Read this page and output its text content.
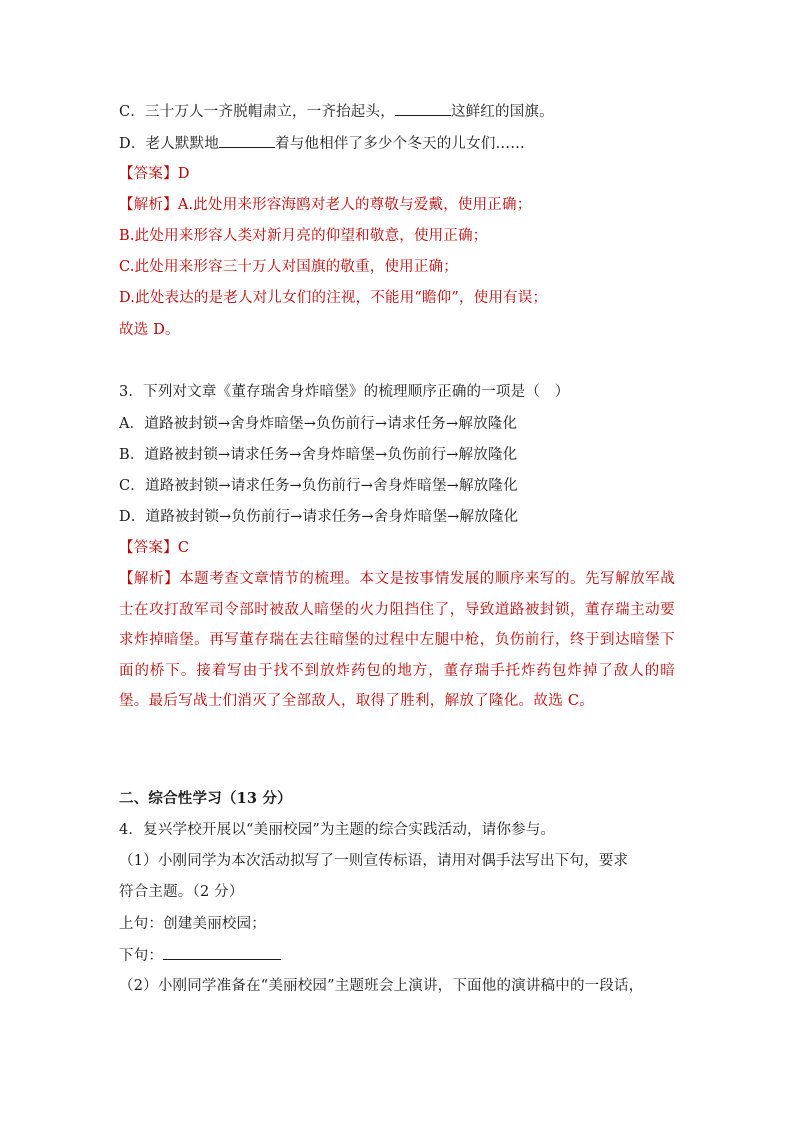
C．三十万人一齐脱帽肃立，一齐抬起头，	这鲜红的国旗。
D．老人默默地	着与他相伴了多少个冬天的儿女们……
【答案】D
【解析】A.此处用来形容海鸥对老人的尊敬与爱戴，使用正确；
B.此处用来形容人类对新月亮的仰望和敬意，使用正确；
C.此处用来形容三十万人对国旗的敬重，使用正确；
D.此处表达的是老人对儿女们的注视，不能用“瞻仰”，使用有误；
故选 D。
3．下列对文章《董存瑞舍身炸暗堡》的梳理顺序正确的一项是（　）
A．道路被封锁→舍身炸暗堡→负伤前行→请求任务→解放隆化
B．道路被封锁→请求任务→舍身炸暗堡→负伤前行→解放隆化
C．道路被封锁→请求任务→负伤前行→舍身炸暗堡→解放隆化
D．道路被封锁→负伤前行→请求任务→舍身炸暗堡→解放隆化
【答案】C
【解析】本题考查文章情节的梳理。本文是按事情发展的顺序来写的。先写解放军战士在攻打敌军司令部时被敌人暗堡的火力阻挡住了，导致道路被封锁，董存瑞主动要求炸掉暗堡。再写董存瑞在去往暗堡的过程中左腿中枪，负伤前行，终于到达暗堡下面的桥下。接着写由于找不到放炸药包的地方，董存瑞手托炸药包炸掉了敌人的暗堡。最后写战士们消灭了全部敌人，取得了胜利，解放了隆化。故选 C。
二、综合性学习（13 分）
4．复兴学校开展以“美丽校园”为主题的综合实践活动，请你参与。
（1）小刚同学为本次活动拟写了一则宣传标语，请用对偶手法写出下句，要求
符合主题。（2 分）
上句：创建美丽校园；
下句：
（2）小刚同学准备在“美丽校园”主题班会上演讲，下面他的演讲稿中的一段话，
